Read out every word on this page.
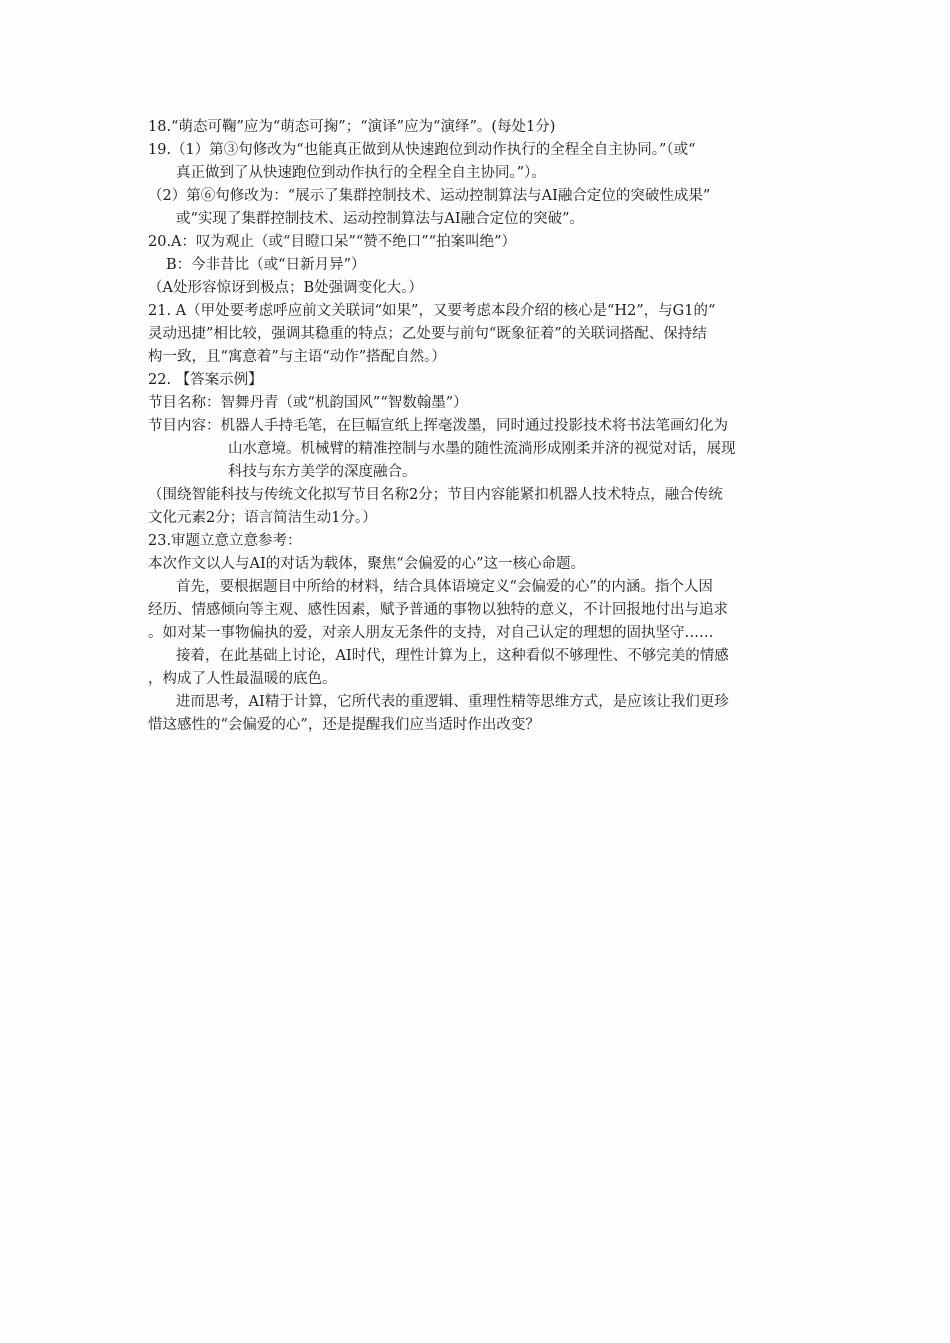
18.“萌态可鞠”应为“萌态可掬”；“演译”应为“演绎”。(每处1分)
19.（1）第③句修改为“也能真正做到从快速跑位到动作执行的全程全自主协同。”（或“
真正做到了从快速跑位到动作执行的全程全自主协同。”）。
（2）第⑥句修改为：“展示了集群控制技术、运动控制算法与AI融合定位的突破性成果”
或“实现了集群控制技术、运动控制算法与AI融合定位的突破”。
20.A：叹为观止（或“目瞪口呆”“赞不绝口”“拍案叫绝”）
B：今非昔比（或“日新月异”）
（A处形容惊讶到极点；B处强调变化大。）
21. A（甲处要考虑呼应前文关联词“如果”，又要考虑本段介绍的核心是“H2”，与G1的“
灵动迅捷”相比较，强调其稳重的特点；乙处要与前句“既象征着”的关联词搭配、保持结
构一致，且“寓意着”与主语“动作”搭配自然。）
22. 【答案示例】
节目名称：智舞丹青（或“机韵国风”“智数翰墨”）
节目内容：机器人手持毛笔，在巨幅宣纸上挥毫泼墨，同时通过投影技术将书法笔画幻化为
山水意境。机械臂的精准控制与水墨的随性流淌形成刚柔并济的视觉对话，展现
科技与东方美学的深度融合。
（围绕智能科技与传统文化拟写节目名称2分；节目内容能紧扣机器人技术特点，融合传统
文化元素2分；语言简洁生动1分。）
23.审题立意立意参考：
本次作文以人与AI的对话为载体，聚焦“会偏爱的心”这一核心命题。
首先，要根据题目中所给的材料，结合具体语境定义“会偏爱的心”的内涵。指个人因
经历、情感倾向等主观、感性因素，赋予普通的事物以独特的意义，不计回报地付出与追求
。如对某一事物偏执的爱，对亲人朋友无条件的支持，对自己认定的理想的固执坚守……
接着，在此基础上讨论，AI时代，理性计算为上，这种看似不够理性、不够完美的情感
，构成了人性最温暖的底色。
进而思考，AI精于计算，它所代表的重逻辑、重理性精等思维方式，是应该让我们更珍
惜这感性的“会偏爱的心”，还是提醒我们应当适时作出改变？
